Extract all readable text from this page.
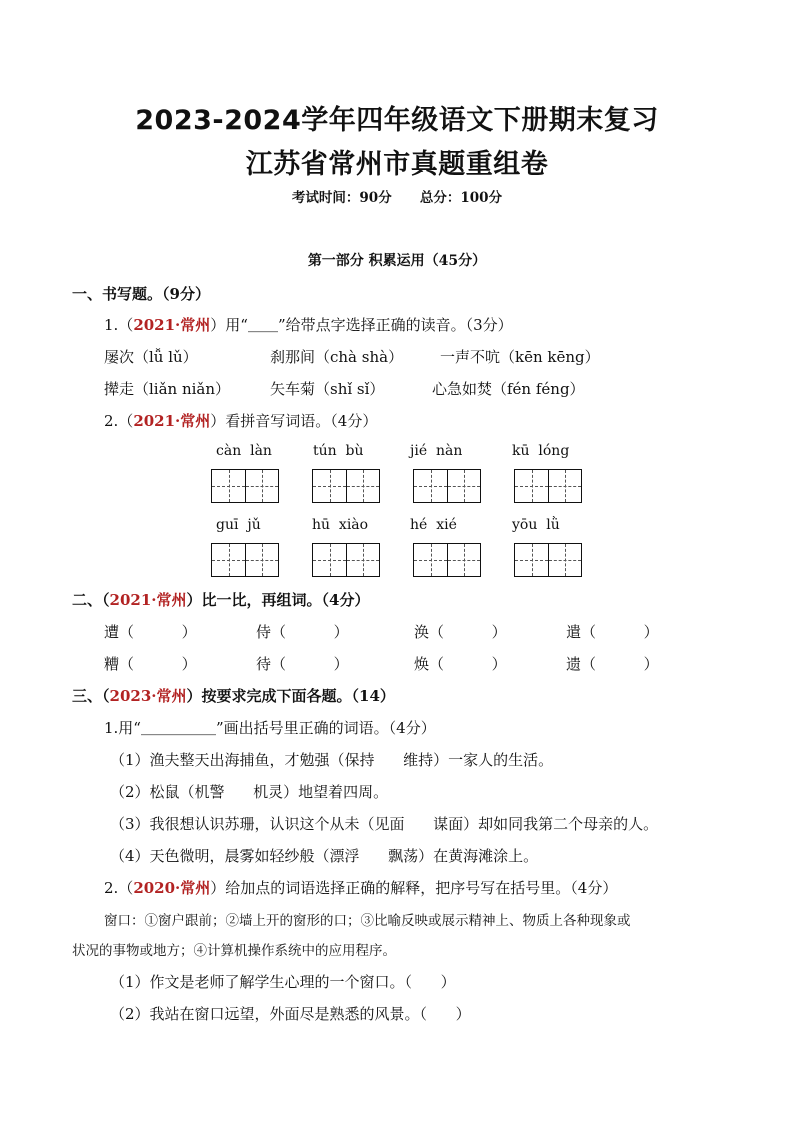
2023-2024学年四年级语文下册期末复习
江苏省常州市真题重组卷
考试时间：90分      总分：100分
第一部分 积累运用（45分）
一、书写题。（9分）
1.（2021·常州）用“＿＿”给带点字选择正确的读音。（3分）
屡次（lǚ lǔ）	刹那间（chà shà） 一声不吭（kēn kēng）
撵走（liǎn niǎn）	矢车菊（shǐ sǐ）	心急如焚（fén féng）
2.（2021·常州）看拼音写词语。（4分）
càn  làn	tún  bù	jié  nàn	kū  lóng
guī  jǔ	hū  xiào	hé  xié	yōu  lǜ
二、（2021·常州）比一比，再组词。（4分）
遭（          ）	侍（          ）	涣（          ）	遣（          ）
糟（          ）	待（          ）	焕（          ）	遗（          ）
三、（2023·常州）按要求完成下面各题。（14）
1.用“＿＿＿＿＿”画出括号里正确的词语。（4分）
（1）渔夫整天出海捕鱼，才勉强（保持      维持）一家人的生活。
（2）松鼠（机警      机灵）地望着四周。
（3）我很想认识苏珊，认识这个从未（见面      谋面）却如同我第二个母亲的人。
（4）天色微明，晨雾如轻纱般（漂浮      飘荡）在黄海滩涂上。
2.（2020·常州）给加点的词语选择正确的解释，把序号写在括号里。（4分）
窗口：①窗户跟前；②墙上开的窗形的口；③比喻反映或展示精神上、物质上各种现象或
状况的事物或地方；④计算机操作系统中的应用程序。
（1）作文是老师了解学生心理的一个窗口。（      ）
（2）我站在窗口远望，外面尽是熟悉的风景。（      ）
